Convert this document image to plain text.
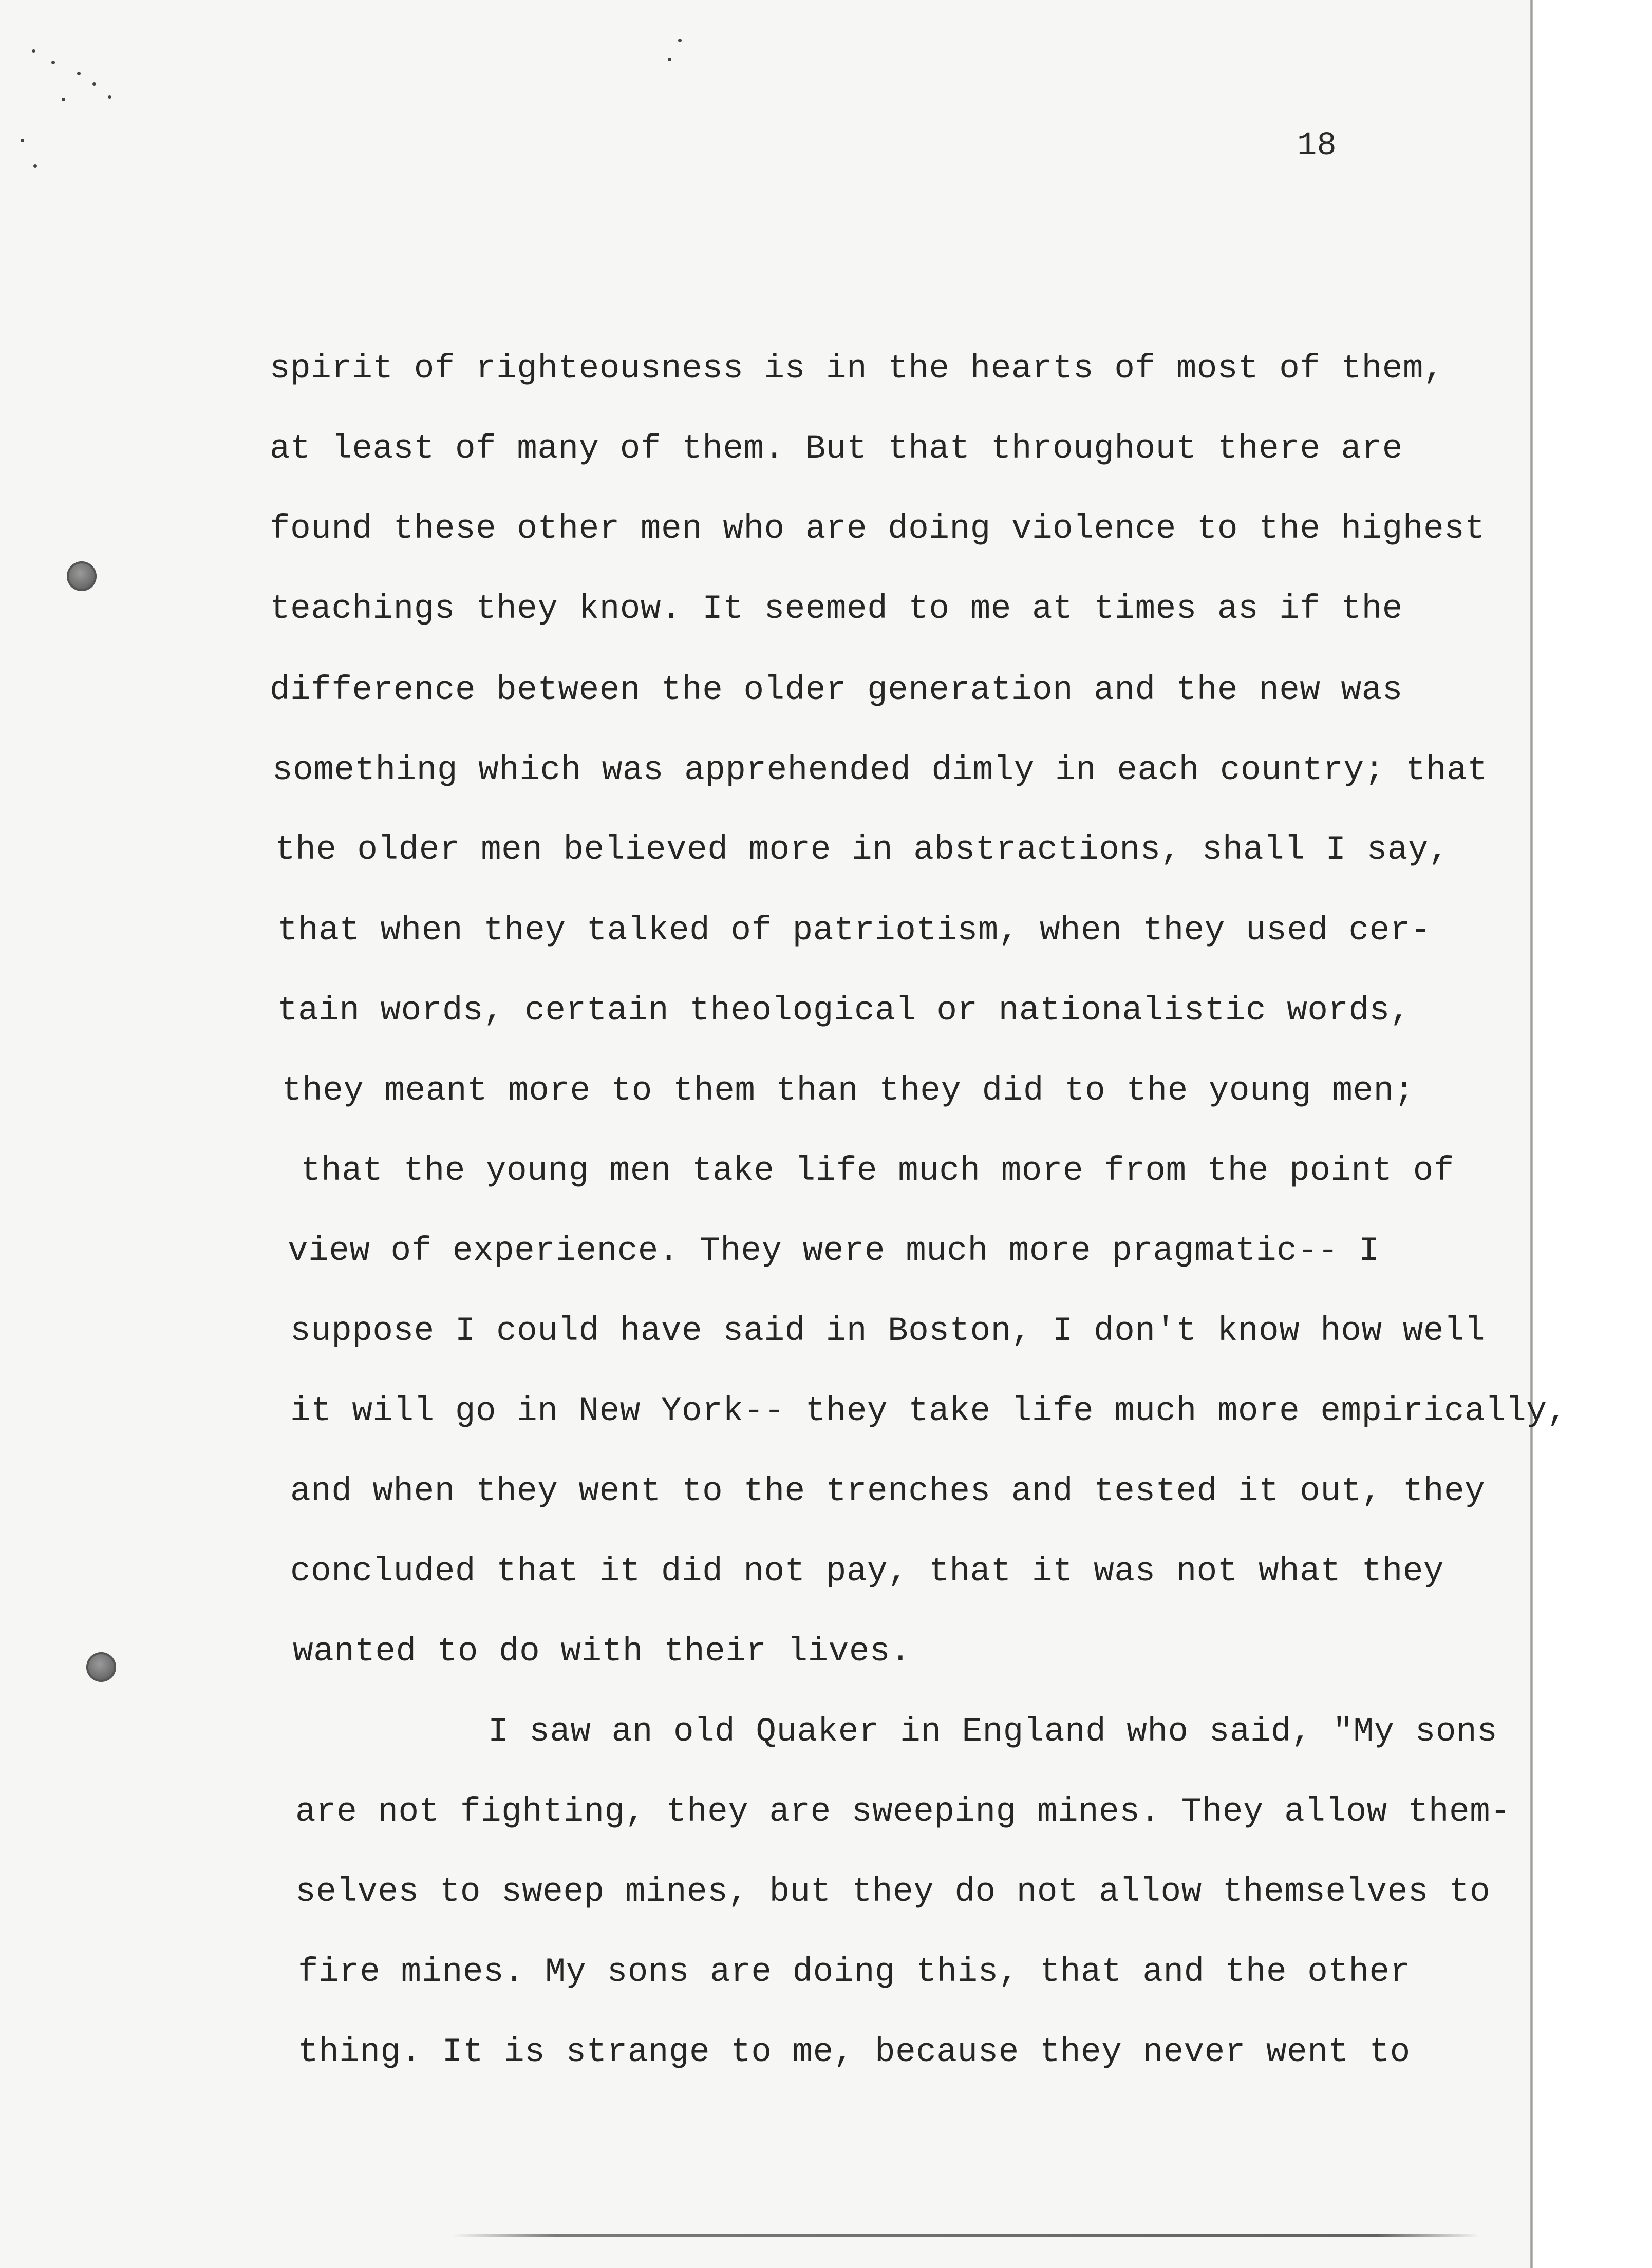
18
spirit of righteousness is in the hearts of most of them,
at least of many of them. But that throughout there are
found these other men who are doing violence to the highest
teachings they know. It seemed to me at times as if the
difference between the older generation and the new was
something which was apprehended dimly in each country; that
the older men believed more in abstractions, shall I say,
that when they talked of patriotism, when they used cer-
tain words, certain theological or nationalistic words,
they meant more to them than they did to the young men;
that the young men take life much more from the point of
view of experience. They were much more pragmatic-- I
suppose I could have said in Boston, I don't know how well
it will go in New York-- they take life much more empirically,
and when they went to the trenches and tested it out, they
concluded that it did not pay, that it was not what they
wanted to do with their lives.
I saw an old Quaker in England who said, "My sons
are not fighting, they are sweeping mines. They allow them-
selves to sweep mines, but they do not allow themselves to
fire mines. My sons are doing this, that and the other
thing. It is strange to me, because they never went to
